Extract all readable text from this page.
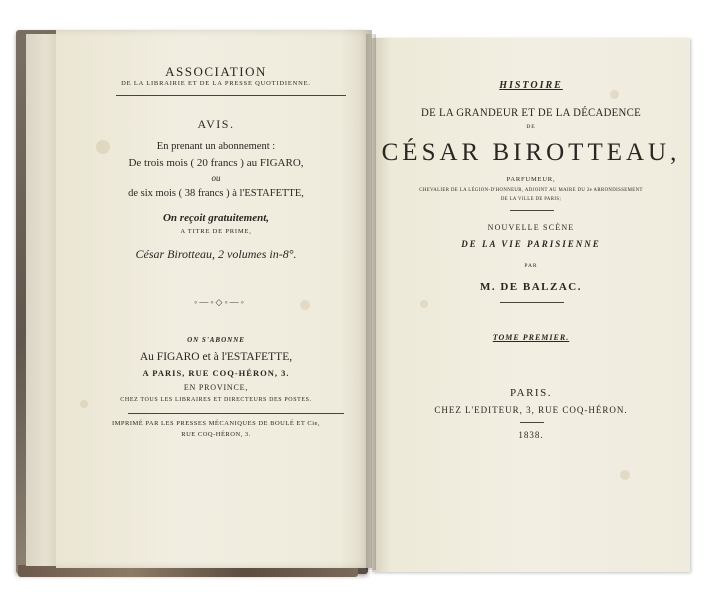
ASSOCIATION
DE LA LIBRAIRIE ET DE LA PRESSE QUOTIDIENNE.
AVIS.
En prenant un abonnement :
De trois mois ( 20 francs ) au FIGARO,
ou
de six mois ( 38 francs ) à l'ESTAFETTE,
On reçoit gratuitement,
A TITRE DE PRIME,
César Birotteau, 2 volumes in-8°.
◦—◦◇◦—◦
ON S'ABONNE
Au FIGARO et à l'ESTAFETTE,
A PARIS, RUE COQ-HÉRON, 3.
EN PROVINCE,
CHEZ TOUS LES LIBRAIRES ET DIRECTEURS DES POSTES.
IMPRIMÉ PAR LES PRESSES MÉCANIQUES DE BOULÉ ET Cie,
RUE COQ-HÉRON, 3.
HISTOIRE
DE LA GRANDEUR ET DE LA DÉCADENCE
DE
CÉSAR BIROTTEAU,
PARFUMEUR,
CHEVALIER DE LA LÉGION-D'HONNEUR, ADJOINT AU MAIRE DU 2e ARRONDISSEMENT
DE LA VILLE DE PARIS;
NOUVELLE SCÈNE
DE LA VIE PARISIENNE
PAR
M. DE BALZAC.
TOME PREMIER.
PARIS.
CHEZ L'EDITEUR, 3, RUE COQ-HÉRON.
1838.
